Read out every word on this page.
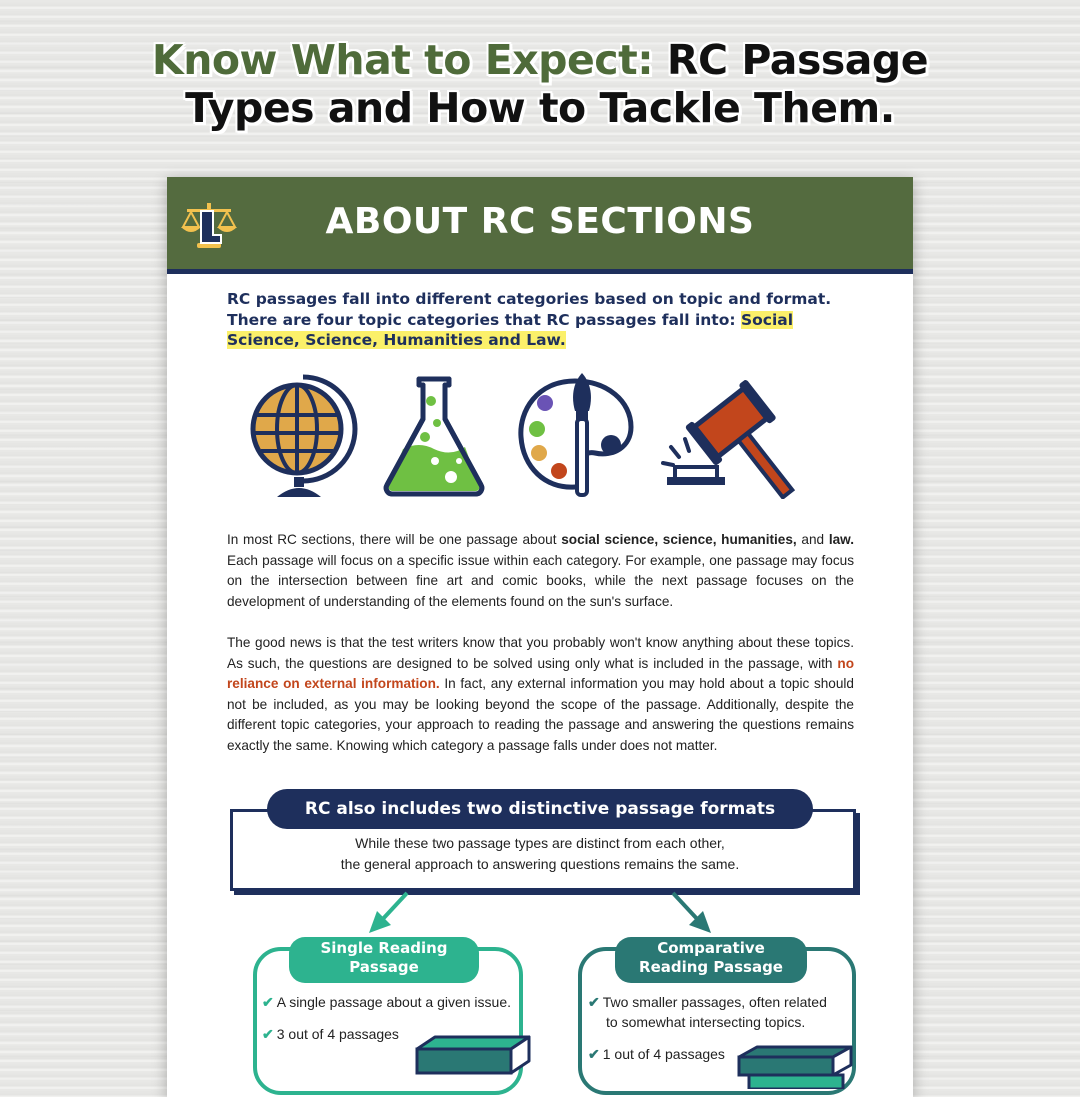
Know What to Expect: RC Passage
Types and How to Tackle Them.
ABOUT RC SECTIONS
RC passages fall into different categories based on topic and format. There are four topic categories that RC passages fall into: Social Science, Science, Humanities and Law.
In most RC sections, there will be one passage about social science, science, humanities, and law. Each passage will focus on a specific issue within each category. For example, one passage may focus on the intersection between fine art and comic books, while the next passage focuses on the development of understanding of the elements found on the sun's surface.
The good news is that the test writers know that you probably won't know anything about these topics. As such, the questions are designed to be solved using only what is included in the passage, with no reliance on external information. In fact, any external information you may hold about a topic should not be included, as you may be looking beyond the scope of the passage. Additionally, despite the different topic categories, your approach to reading the passage and answering the questions remains exactly the same. Knowing which category a passage falls under does not matter.
RC also includes two distinctive passage formats
While these two passage types are distinct from each other,
the general approach to answering questions remains the same.
Single Reading
Passage
✔ A single passage about a given issue.
✔ 3 out of 4 passages
Comparative
Reading Passage
✔ Two smaller passages, often related
to somewhat intersecting topics.
✔ 1 out of 4 passages
